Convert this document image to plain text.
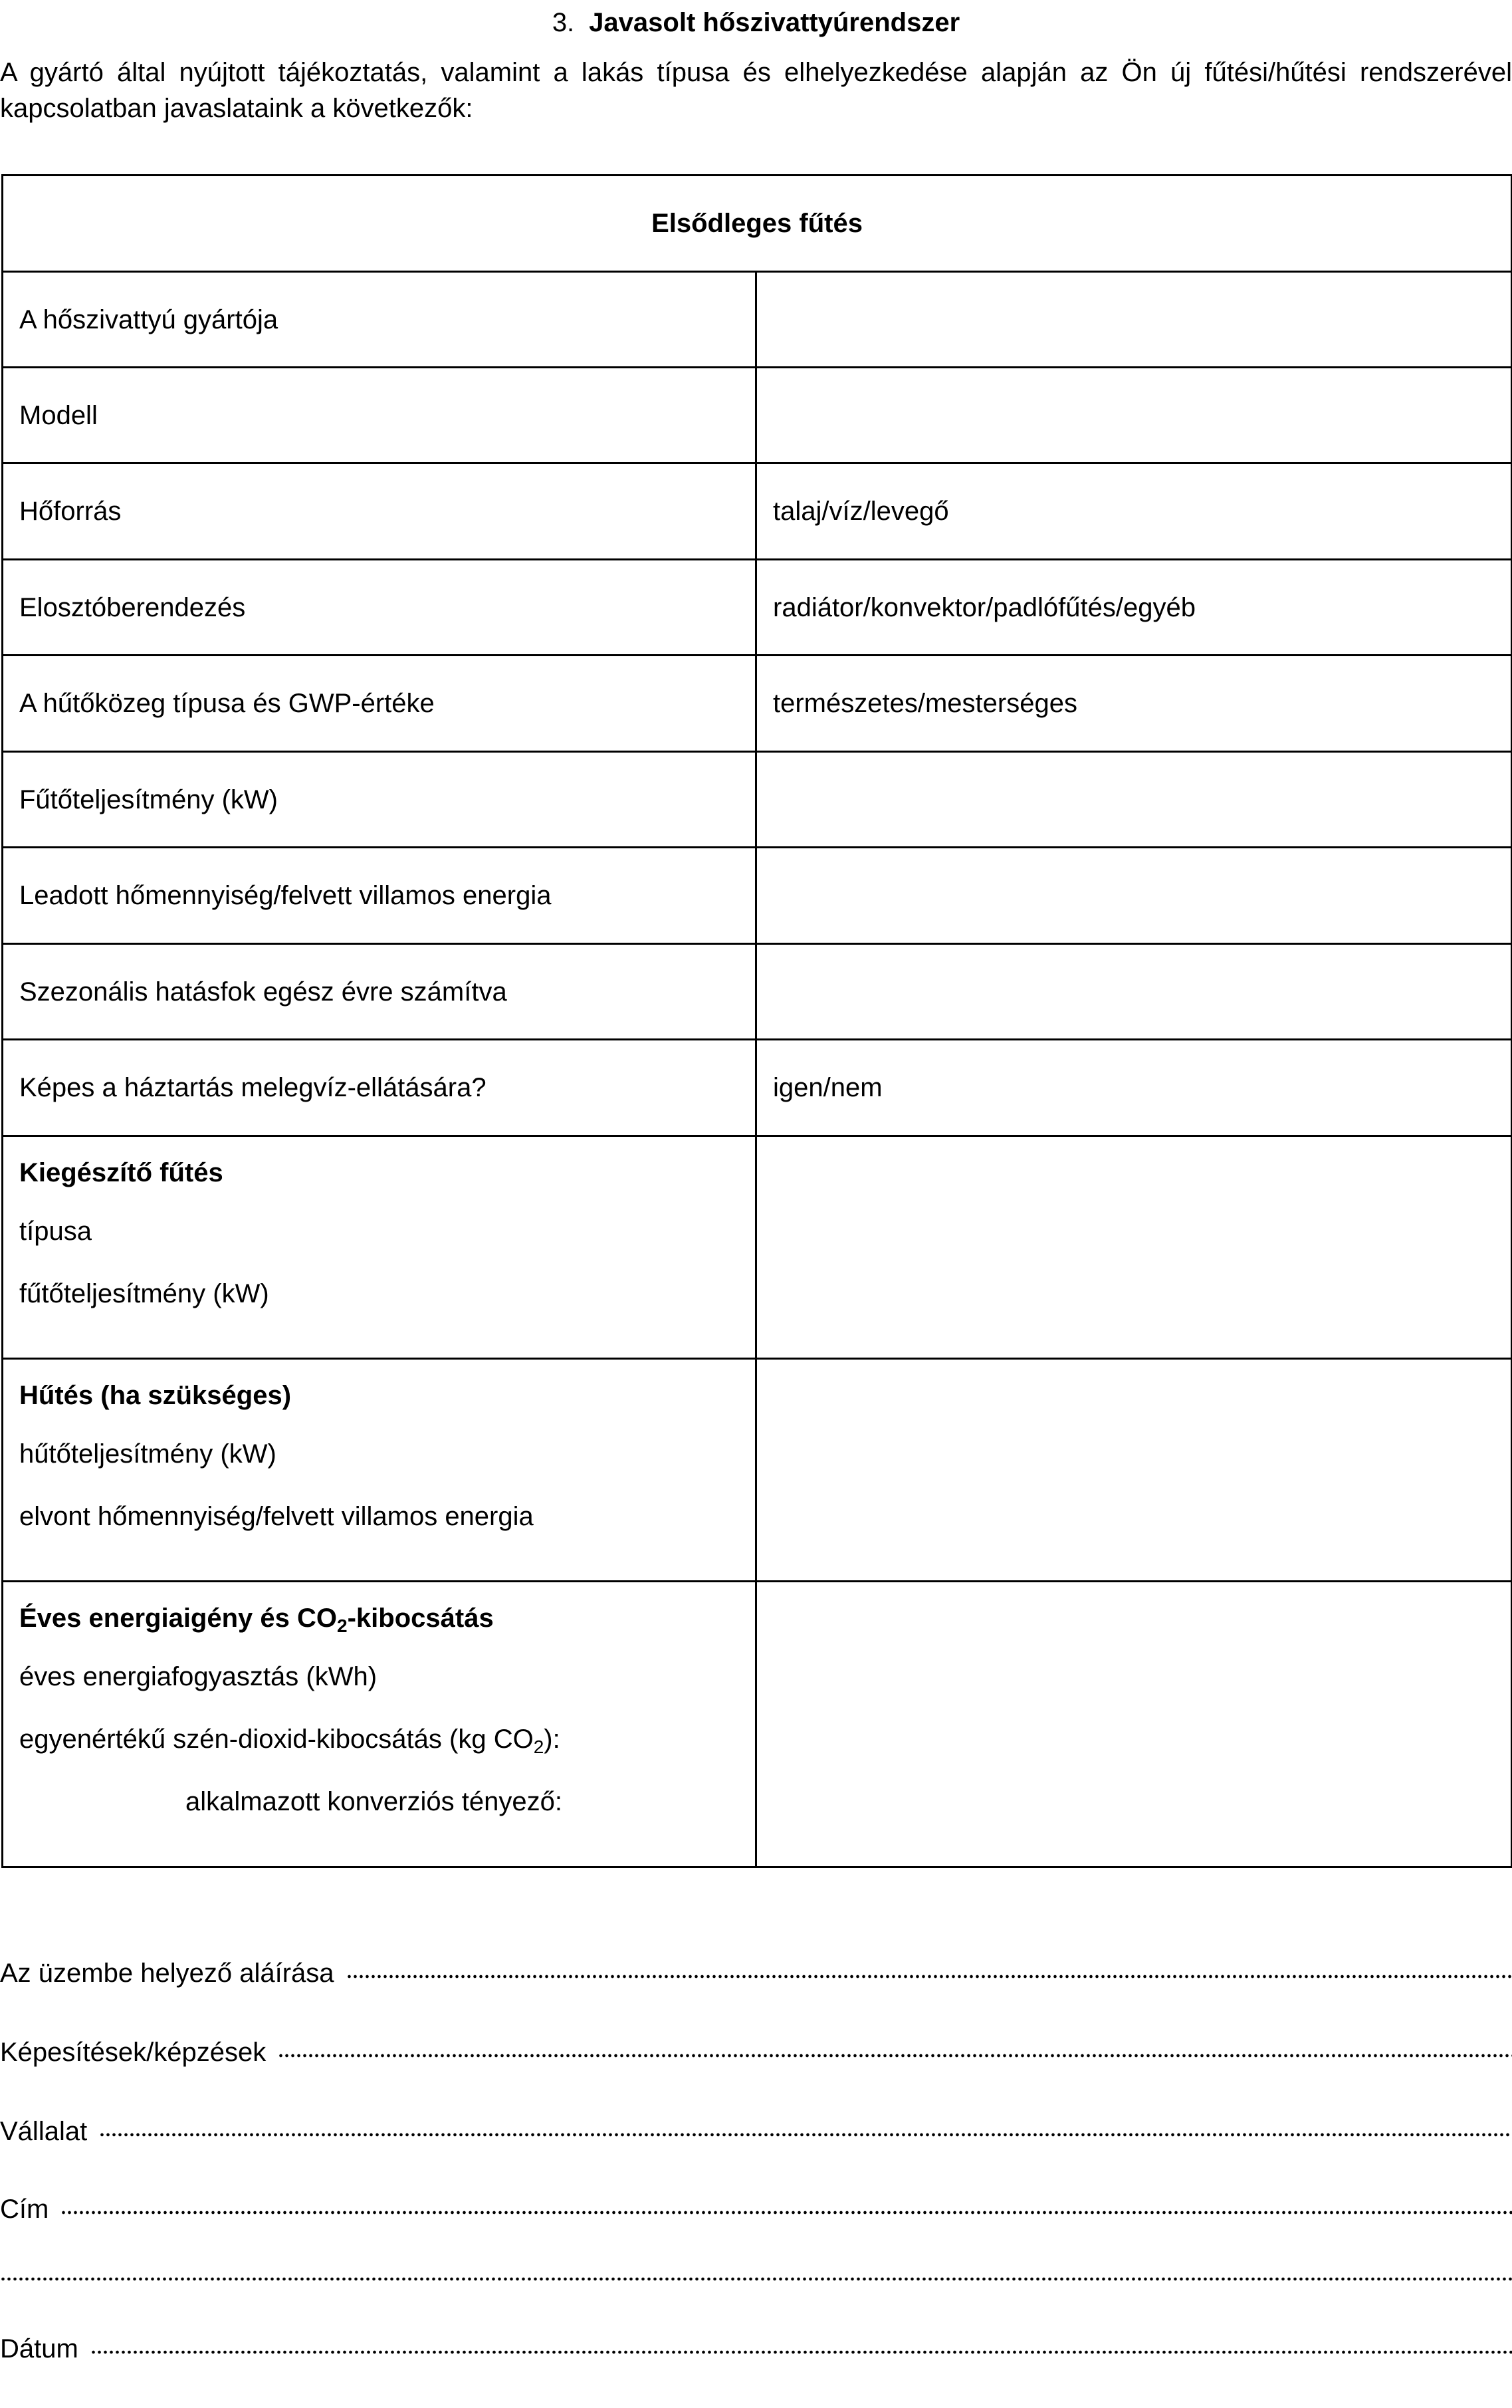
3. Javasolt hőszivattyúrendszer
A gyártó által nyújtott tájékoztatás, valamint a lakás típusa és elhelyezkedése alapján az Ön új fűtési/hűtési rendszerével
kapcsolatban javaslataink a következők:
Elsődleges fűtés	
A hőszivattyú gyártója	
Modell	
Hőforrás	talaj/víz/levegő
Elosztóberendezés	radiátor/konvektor/padlófűtés/egyéb
A hűtőközeg típusa és GWP-értéke	természetes/mesterséges
Fűtőteljesítmény (kW)	
Leadott hőmennyiség/felvett villamos energia	
Szezonális hatásfok egész évre számítva	
Képes a háztartás melegvíz-ellátására?	igen/nem
Kiegészítő fűtés
típusa
fűtőteljesítmény (kW)	

Hűtés (ha szükséges)
hűtőteljesítmény (kW)
elvont hőmennyiség/felvett villamos energia	

Éves energiaigény és $CO_2$-kibocsátás
éves energiafogyasztás (kWh)
egyenértékű szén-dioxid-kibocsátás (kg $CO_2$):
alkalmazott konverziós tényező:	

Az üzembe helyező aláírása
Képesítések/képzések
Vállalat
Cím
Dátum
